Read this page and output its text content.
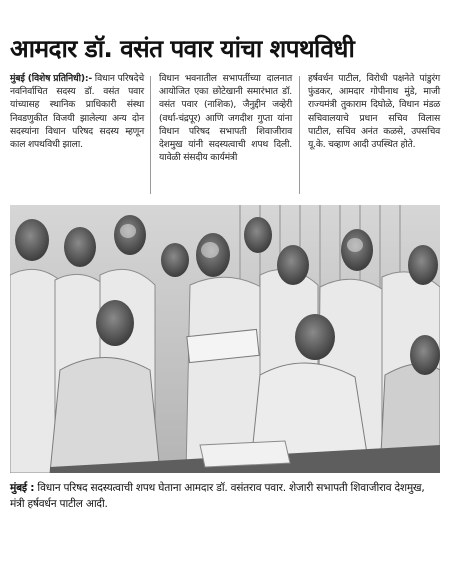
आमदार डॉ. वसंत पवार यांचा शपथविधी
मुंबई (विशेष प्रतिनिधी):- विधान परिषदेचे नवनिर्वाचित सदस्य डॉ. वसंत पवार यांच्यासह स्थानिक प्राधिकारी संस्था निवडणुकीत विजयी झालेल्या अन्य दोन सदस्यांना विधान परिषद सदस्य म्हणून काल शपथविधी झाला.
विधान भवनातील सभापतींच्या दालनात आयोजित एका छोटेखानी समारंभात डॉ. वसंत पवार (नाशिक), जैनुद्दीन जव्हेरी (वर्धा-चंद्रपूर) आणि जगदीश गुप्ता यांना विधान परिषद सभापती शिवाजीराव देशमुख यांनी सदस्यत्वाची शपथ दिली. यावेळी संसदीय कार्यमंत्री
हर्षवर्धन पाटील, विरोधी पक्षनेते पांडुरंग फुंडकर, आमदार गोपीनाथ मुंडे, माजी राज्यमंत्री तुकाराम दिघोळे, विधान मंडळ सचिवालयाचे प्रधान सचिव विलास पाटील, सचिव अनंत कळसे, उपसचिव यू.के. चव्हाण आदी उपस्थित होते.
मुंबई : विधान परिषद सदस्यत्वाची शपथ घेताना आमदार डॉ. वसंतराव पवार. शेजारी सभापती शिवाजीराव देशमुख, मंत्री हर्षवर्धन पाटील आदी.
